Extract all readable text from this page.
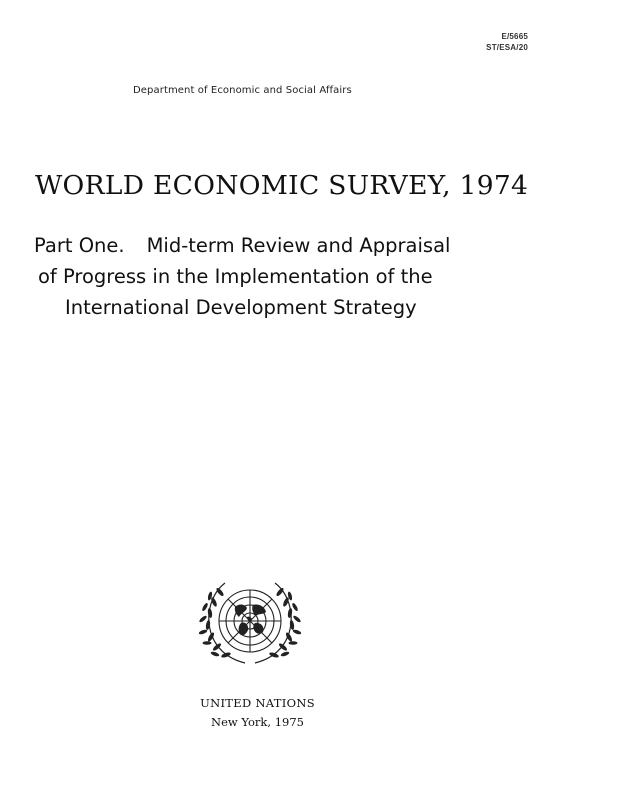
E/5665
ST/ESA/20
Department of Economic and Social Affairs
WORLD ECONOMIC SURVEY, 1974
Part One. Mid-term Review and Appraisal
of Progress in the Implementation of the
International Development Strategy
UNITED NATIONS
New York, 1975
